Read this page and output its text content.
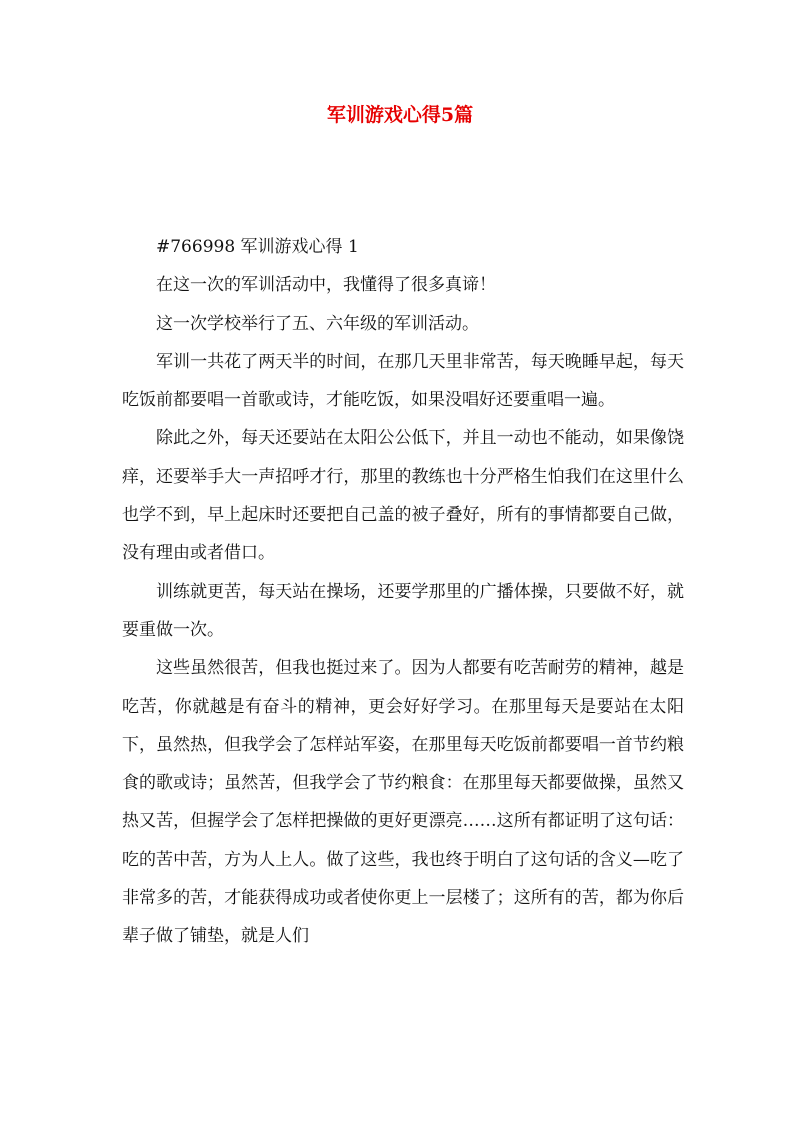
军训游戏心得5篇

#766998 军训游戏心得 1

在这一次的军训活动中，我懂得了很多真谛！

这一次学校举行了五、六年级的军训活动。

军训一共花了两天半的时间，在那几天里非常苦，每天晚睡早起，每天吃饭前都要唱一首歌或诗，才能吃饭，如果没唱好还要重唱一遍。

除此之外，每天还要站在太阳公公低下，并且一动也不能动，如果像饶痒，还要举手大一声招呼才行，那里的教练也十分严格生怕我们在这里什么也学不到，早上起床时还要把自己盖的被子叠好，所有的事情都要自己做，没有理由或者借口。

训练就更苦，每天站在操场，还要学那里的广播体操，只要做不好，就要重做一次。

这些虽然很苦，但我也挺过来了。因为人都要有吃苦耐劳的精神，越是吃苦，你就越是有奋斗的精神，更会好好学习。在那里每天是要站在太阳下，虽然热，但我学会了怎样站军姿，在那里每天吃饭前都要唱一首节约粮食的歌或诗；虽然苦，但我学会了节约粮食：在那里每天都要做操，虽然又热又苦，但握学会了怎样把操做的更好更漂亮……这所有都证明了这句话：吃的苦中苦，方为人上人。做了这些，我也终于明白了这句话的含义—吃了非常多的苦，才能获得成功或者使你更上一层楼了；这所有的苦，都为你后辈子做了铺垫，就是人们
